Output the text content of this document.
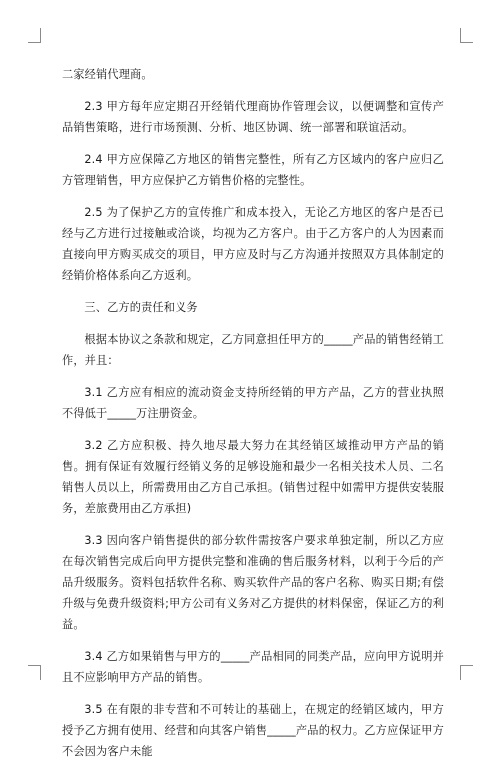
二家经销代理商。

2.3 甲方每年应定期召开经销代理商协作管理会议，以便调整和宣传产品销售策略，进行市场预测、分析、地区协调、统一部署和联谊活动。

2.4 甲方应保障乙方地区的销售完整性，所有乙方区域内的客户应归乙方管理销售，甲方应保护乙方销售价格的完整性。

2.5 为了保护乙方的宣传推广和成本投入，无论乙方地区的客户是否已经与乙方进行过接触或洽谈，均视为乙方客户。由于乙方客户的人为因素而直接向甲方购买成交的项目，甲方应及时与乙方沟通并按照双方具体制定的经销价格体系向乙方返利。

三、乙方的责任和义务

根据本协议之条款和规定，乙方同意担任甲方的_____产品的销售经销工作，并且：

3.1 乙方应有相应的流动资金支持所经销的甲方产品，乙方的营业执照不得低于_____万注册资金。

3.2 乙方应积极、持久地尽最大努力在其经销区域推动甲方产品的销售。拥有保证有效履行经销义务的足够设施和最少一名相关技术人员、二名销售人员以上，所需费用由乙方自己承担。(销售过程中如需甲方提供安装服务，差旅费用由乙方承担)

3.3 因向客户销售提供的部分软件需按客户要求单独定制，所以乙方应在每次销售完成后向甲方提供完整和准确的售后服务材料，以利于今后的产品升级服务。资料包括软件名称、购买软件产品的客户名称、购买日期;有偿升级与免费升级资料;甲方公司有义务对乙方提供的材料保密，保证乙方的利益。

3.4 乙方如果销售与甲方的_____产品相同的同类产品，应向甲方说明并且不应影响甲方产品的销售。

3.5 在有限的非专营和不可转让的基础上，在规定的经销区域内，甲方授予乙方拥有使用、经营和向其客户销售_____产品的权力。乙方应保证甲方不会因为客户未能
